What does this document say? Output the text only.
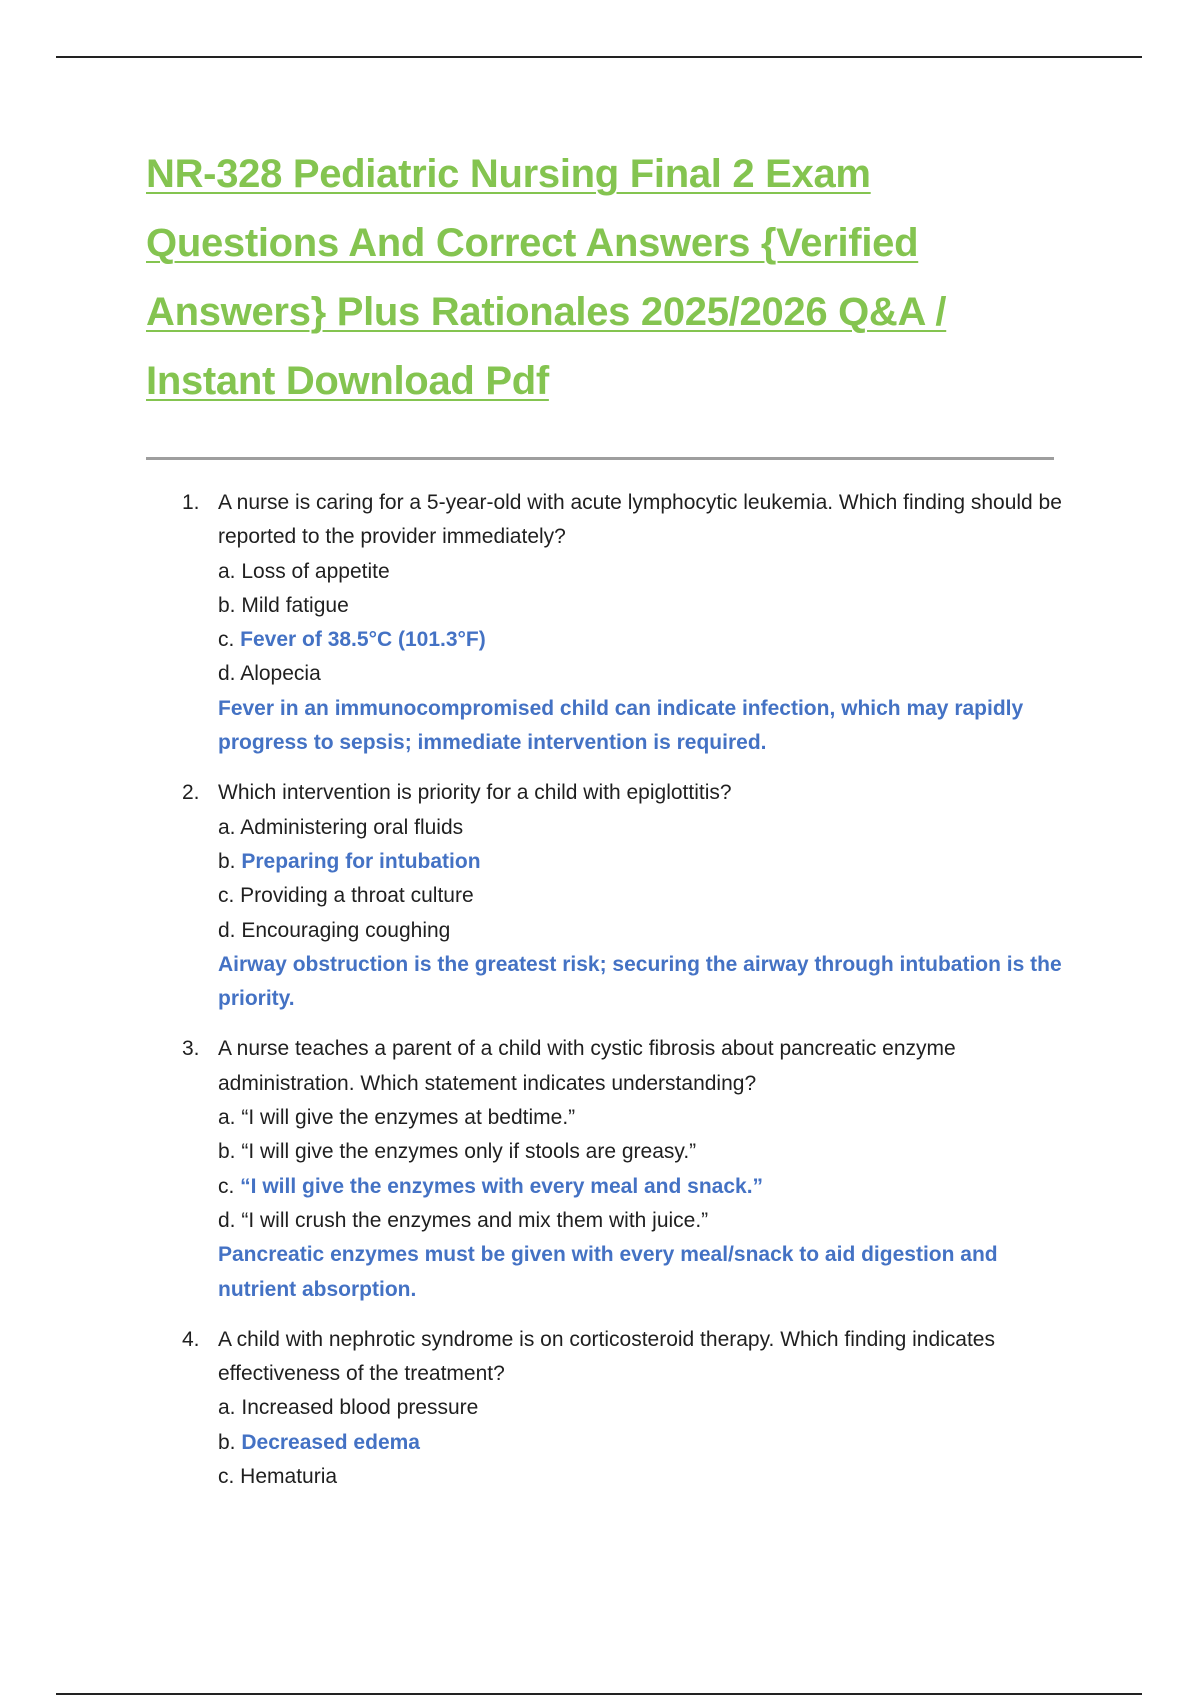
NR-328 Pediatric Nursing Final 2 Exam
Questions And Correct Answers {Verified
Answers} Plus Rationales 2025/2026 Q&A /
Instant Download Pdf
1. A nurse is caring for a 5-year-old with acute lymphocytic leukemia. Which finding should be reported to the provider immediately?
a. Loss of appetite
b. Mild fatigue
c. Fever of 38.5°C (101.3°F)
d. Alopecia
Fever in an immunocompromised child can indicate infection, which may rapidly progress to sepsis; immediate intervention is required.
2. Which intervention is priority for a child with epiglottitis?
a. Administering oral fluids
b. Preparing for intubation
c. Providing a throat culture
d. Encouraging coughing
Airway obstruction is the greatest risk; securing the airway through intubation is the priority.
3. A nurse teaches a parent of a child with cystic fibrosis about pancreatic enzyme administration. Which statement indicates understanding?
a. “I will give the enzymes at bedtime.”
b. “I will give the enzymes only if stools are greasy.”
c. “I will give the enzymes with every meal and snack.”
d. “I will crush the enzymes and mix them with juice.”
Pancreatic enzymes must be given with every meal/snack to aid digestion and nutrient absorption.
4. A child with nephrotic syndrome is on corticosteroid therapy. Which finding indicates effectiveness of the treatment?
a. Increased blood pressure
b. Decreased edema
c. Hematuria
